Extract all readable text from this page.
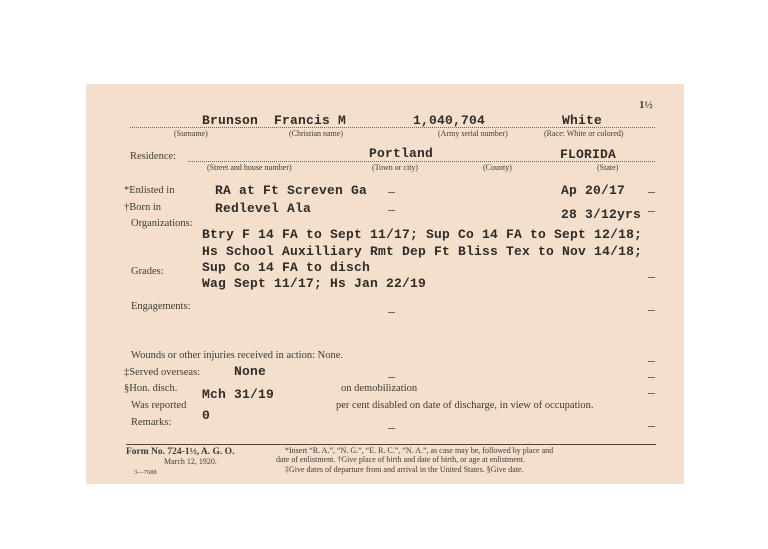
1½
Brunson Francis M	1,040,704	White
(Surname)	(Christian name)	(Army serial number)	(Race: White or colored)
Residence:	Portland	FLORIDA
(Street and house number)	(Town or city)	(County)	(State)
*Enlisted in	RA at Ft Screven Ga	Ap 20/17
†Born in	Redlevel Ala	28 3/12yrs
Organizations:
Btry F 14 FA to Sept 11/17; Sup Co 14 FA to Sept 12/18;
Hs School Auxilliary Rmt Dep Ft Bliss Tex to Nov 14/18;
Sup Co 14 FA to disch
Grades:
Wag Sept 11/17; Hs Jan 22/19
Engagements:
Wounds or other injuries received in action: None.
‡Served overseas:	None
§Hon. disch. Mch 31/19	on demobilization
Was reported
0
per cent disabled on date of discharge, in view of occupation.
Remarks:
Form No. 724-1½, A. G. O.
March 12, 1920.
3—7688
*Insert “R. A.”, “N. G.”, “E. R. C.”, “N. A.”, as case may be, followed by place and
date of enlistment. †Give place of birth and date of birth, or age at enlistment.
‡Give dates of departure from and arrival in the United States. §Give date.
